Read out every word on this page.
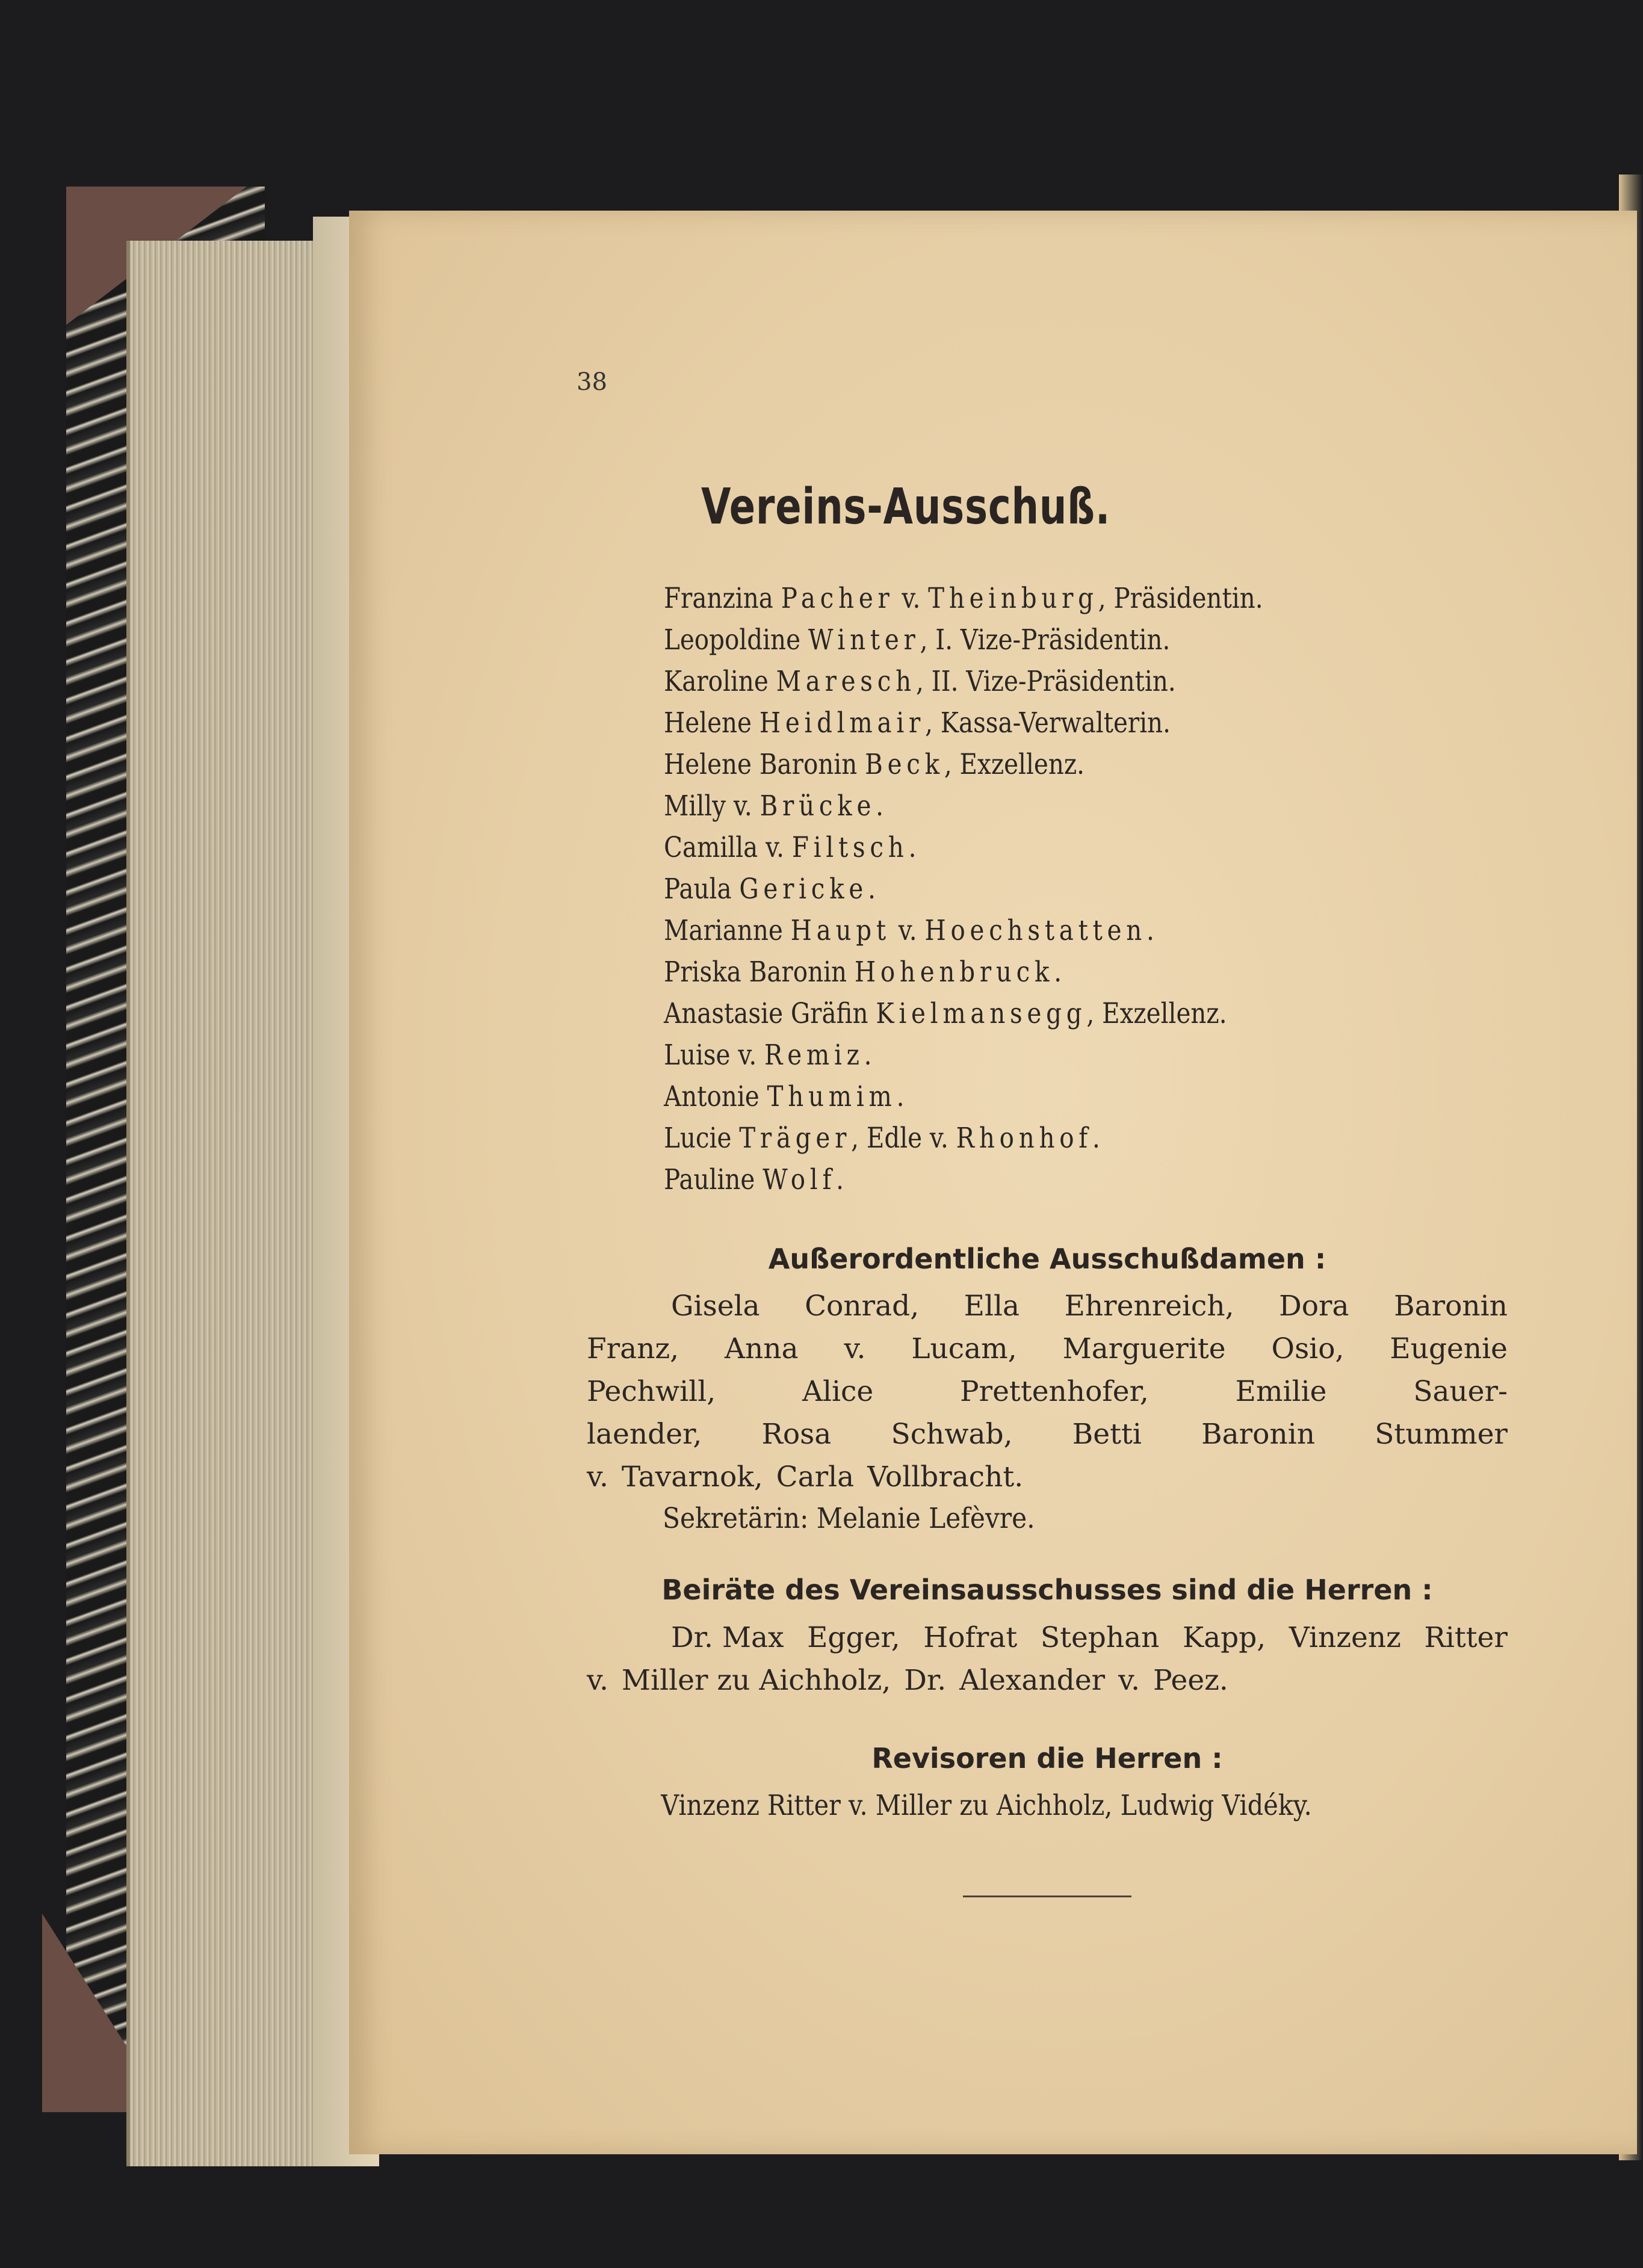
38
Vereins-Ausschuß.
Franzina Pacher v. Theinburg, Präsidentin.
Leopoldine Winter, I. Vize-Präsidentin.
Karoline Maresch, II. Vize-Präsidentin.
Helene Heidlmair, Kassa-Verwalterin.
Helene Baronin Beck, Exzellenz.
Milly v. Brücke.
Camilla v. Filtsch.
Paula Gericke.
Marianne Haupt v. Hoechstatten.
Priska Baronin Hohenbruck.
Anastasie Gräfin Kielmansegg, Exzellenz.
Luise v. Remiz.
Antonie Thumim.
Lucie Träger, Edle v. Rhonhof.
Pauline Wolf.
Außerordentliche Ausschußdamen :
Gisela Conrad, Ella Ehrenreich, Dora Baronin
Franz, Anna v. Lucam, Marguerite Osio, Eugenie
Pechwill,	Alice	Prettenhofer,	Emilie	Sauer-
laender, Rosa Schwab, Betti Baronin Stummer
v. Tavarnok, Carla Vollbracht.
Sekretärin: Melanie Lefèvre.
Beiräte des Vereinsausschusses sind die Herren :
Dr. Max Egger, Hofrat Stephan Kapp, Vinzenz Ritter
v. Miller zu Aichholz, Dr. Alexander v. Peez.
Revisoren die Herren :
Vinzenz Ritter v. Miller zu Aichholz, Ludwig Vidéky.
